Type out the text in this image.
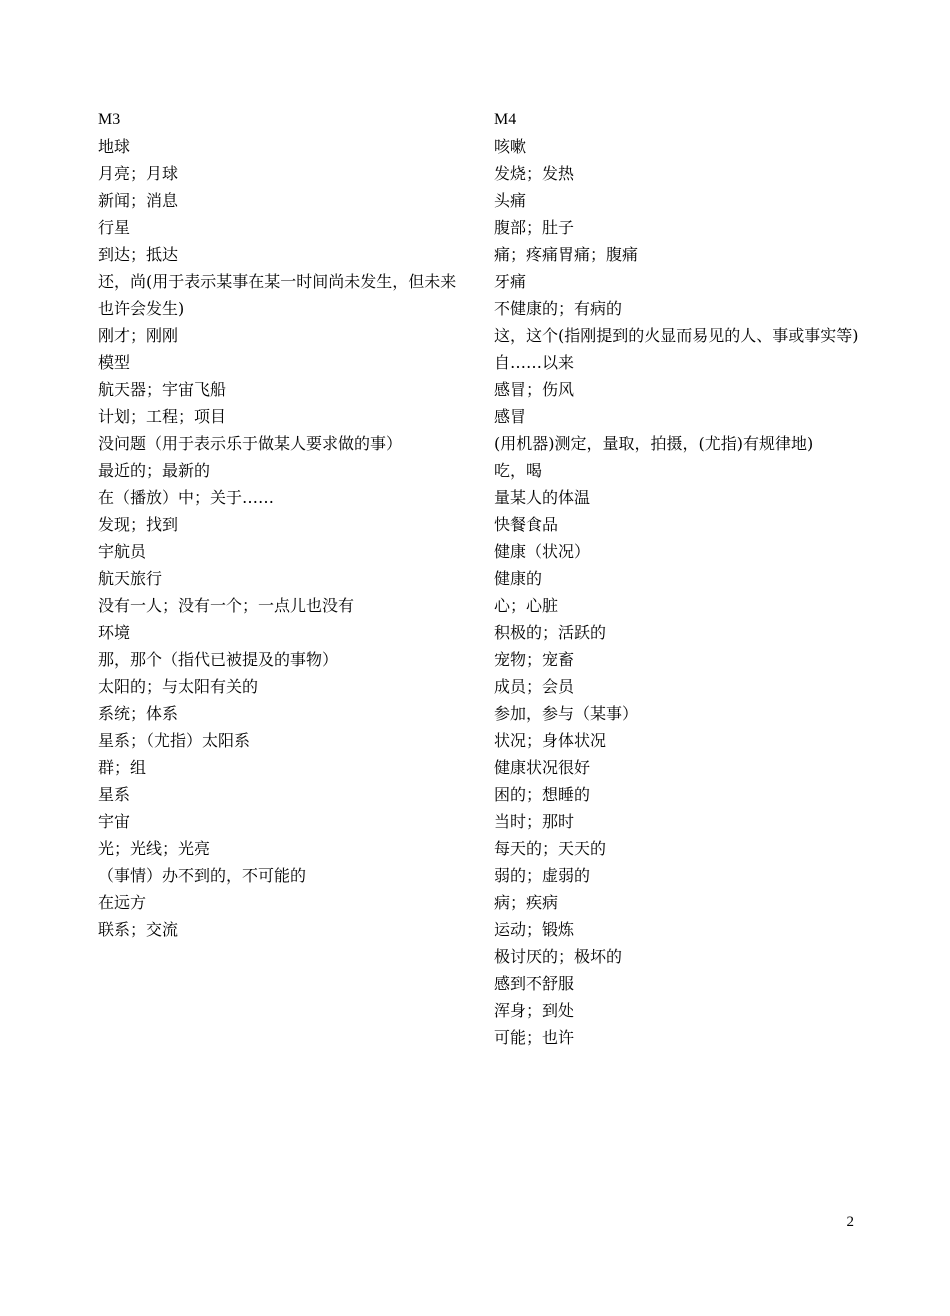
M3

地球

月亮；月球

新闻；消息

行星

到达；抵达

还，尚(用于表示某事在某一时间尚未发生，但未来也许会发生)

刚才；刚刚

模型

航天器；宇宙飞船

计划；工程；项目

没问题（用于表示乐于做某人要求做的事）

最近的；最新的

在（播放）中；关于……

发现；找到

宇航员

航天旅行

没有一人；没有一个；一点儿也没有

环境

那，那个（指代已被提及的事物）

太阳的；与太阳有关的

系统；体系

星系；（尤指）太阳系

群；组

星系

宇宙

光；光线；光亮

（事情）办不到的，不可能的

在远方

联系；交流

M4

咳嗽

发烧；发热

头痛

腹部；肚子

痛；疼痛胃痛；腹痛

牙痛

不健康的；有病的

这，这个(指刚提到的火显而易见的人、事或事实等)

自……以来

感冒；伤风

感冒

(用机器)测定，量取，拍摄，(尤指)有规律地)

吃，喝

量某人的体温

快餐食品

健康（状况）

健康的

心；心脏

积极的；活跃的

宠物；宠畜

成员；会员

参加，参与（某事）

状况；身体状况

健康状况很好

困的；想睡的

当时；那时

每天的；天天的

弱的；虚弱的

病；疾病

运动；锻炼

极讨厌的；极坏的

感到不舒服

浑身；到处

可能；也许

2
